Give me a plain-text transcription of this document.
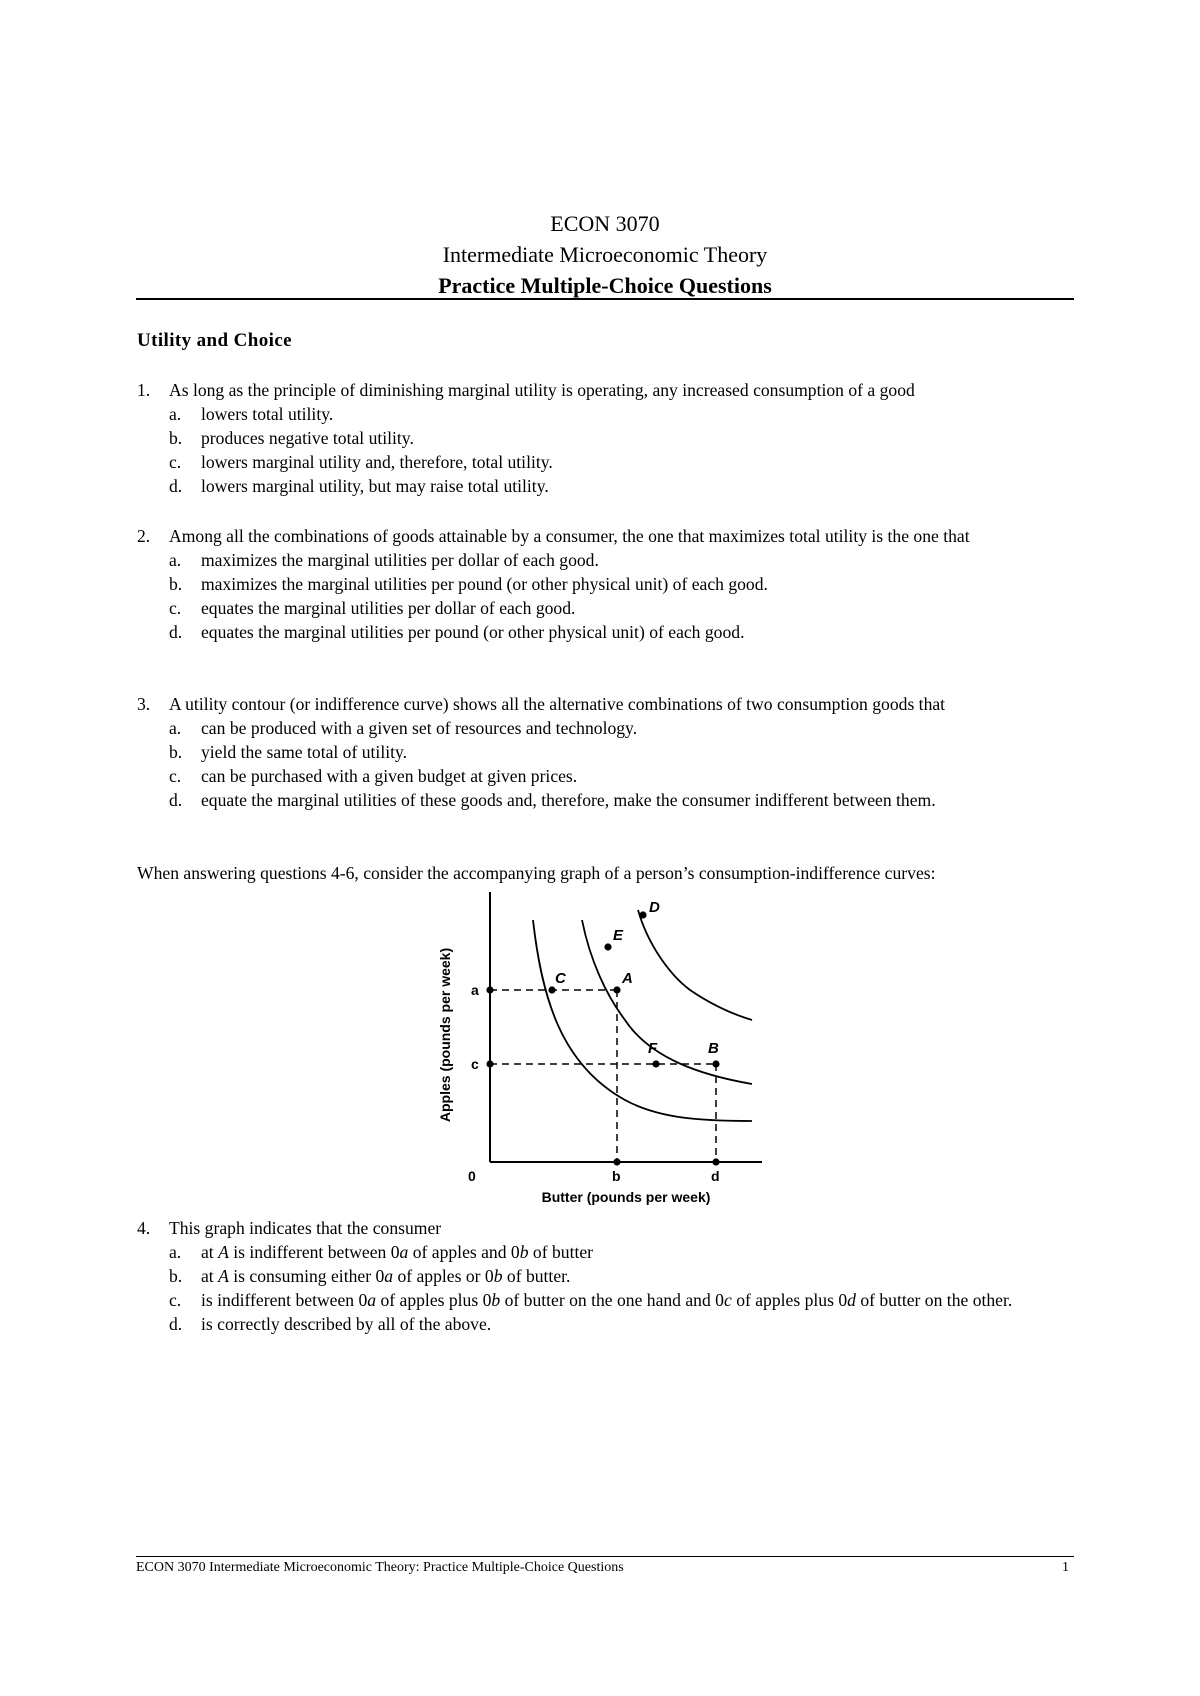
ECON 3070
Intermediate Microeconomic Theory
Practice Multiple-Choice Questions
Utility and Choice
1. As long as the principle of diminishing marginal utility is operating, any increased consumption of a good
a. lowers total utility.
b. produces negative total utility.
c. lowers marginal utility and, therefore, total utility.
d. lowers marginal utility, but may raise total utility.
2. Among all the combinations of goods attainable by a consumer, the one that maximizes total utility is the one that
a. maximizes the marginal utilities per dollar of each good.
b. maximizes the marginal utilities per pound (or other physical unit) of each good.
c. equates the marginal utilities per dollar of each good.
d. equates the marginal utilities per pound (or other physical unit) of each good.
3. A utility contour (or indifference curve) shows all the alternative combinations of two consumption goods that
a. can be produced with a given set of resources and technology.
b. yield the same total of utility.
c. can be purchased with a given budget at given prices.
d. equate the marginal utilities of these goods and, therefore, make the consumer indifferent between them.
When answering questions 4-6, consider the accompanying graph of a person’s consumption-indifference curves:
C	A
B
F
E
D
a
c
b	d
0
Butter (pounds per week)
Apples (pounds per week)
4. This graph indicates that the consumer
a. at A is indifferent between 0a of apples and 0b of butter
b. at A is consuming either 0a of apples or 0b of butter.
c. is indifferent between 0a of apples plus 0b of butter on the one hand and 0c of apples plus 0d of butter on the other.
d. is correctly described by all of the above.
ECON 3070 Intermediate Microeconomic Theory: Practice Multiple-Choice Questions	1
